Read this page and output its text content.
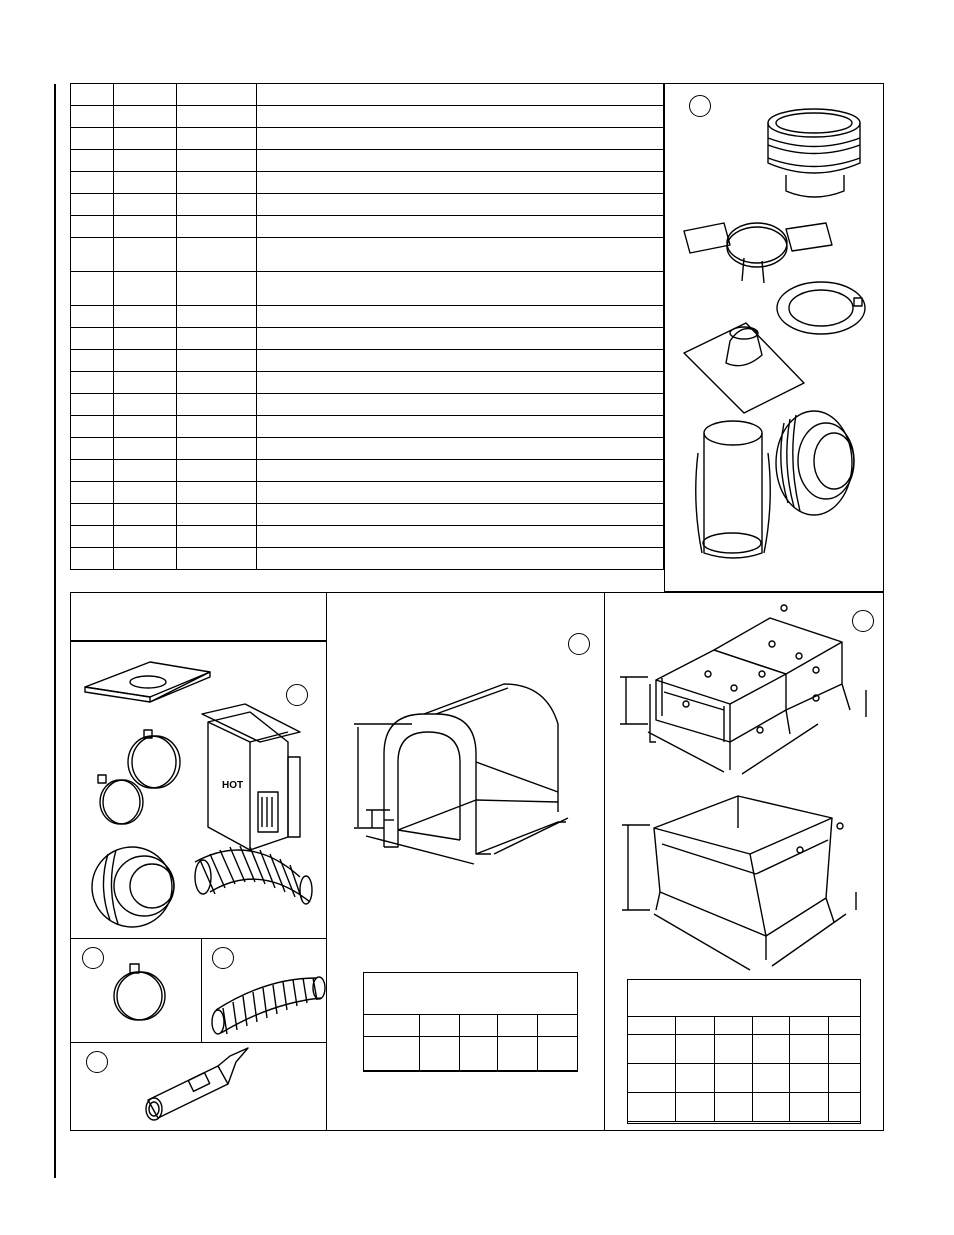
HOT
